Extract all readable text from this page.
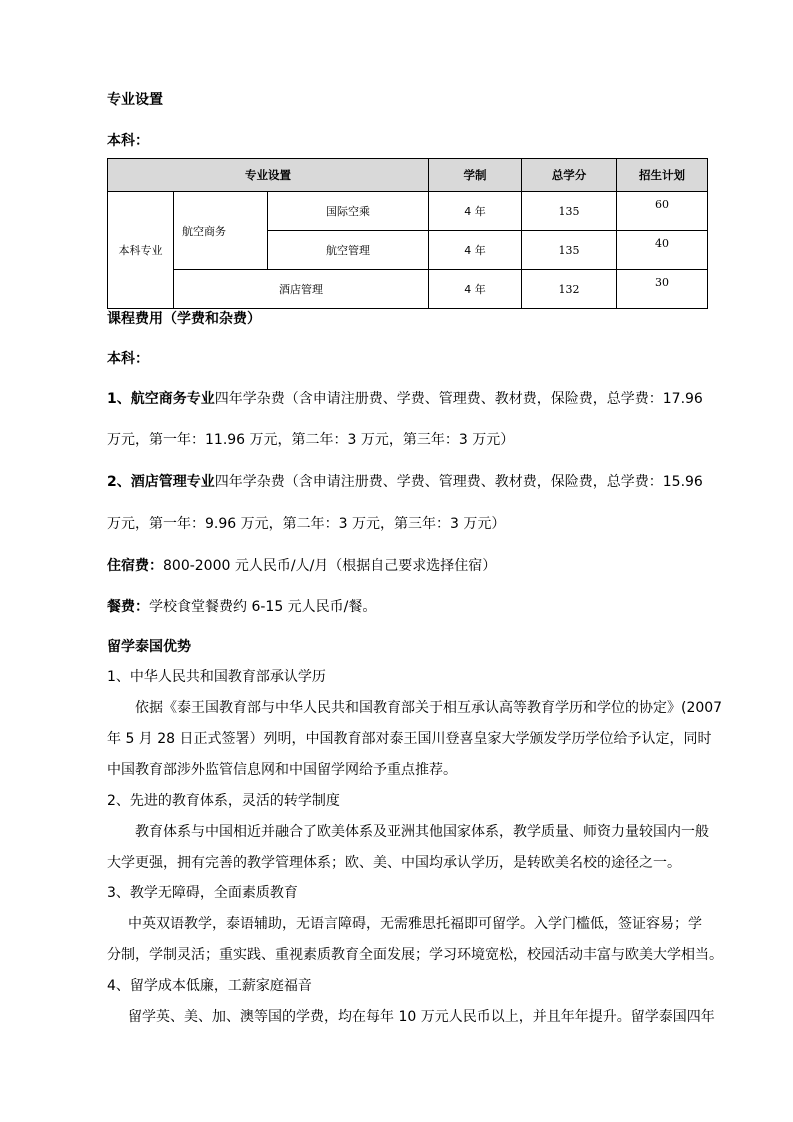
专业设置
本科：
专业设置			学制	总学分	招生计划
本科专业	航空商务	国际空乘	4 年	135	60
		航空管理	4 年	135	40
	酒店管理		4 年	132	30
课程费用（学费和杂费）
本科：
1、航空商务专业四年学杂费（含申请注册费、学费、管理费、教材费，保险费，总学费：17.96
万元，第一年：11.96 万元，第二年：3 万元，第三年：3 万元）
2、酒店管理专业四年学杂费（含申请注册费、学费、管理费、教材费，保险费，总学费：15.96
万元，第一年：9.96 万元，第二年：3 万元，第三年：3 万元）
住宿费：800-2000 元人民币/人/月（根据自己要求选择住宿）
餐费：学校食堂餐费约 6-15 元人民币/餐。
留学泰国优势
1、中华人民共和国教育部承认学历
依据《泰王国教育部与中华人民共和国教育部关于相互承认高等教育学历和学位的协定》(2007
年 5 月 28 日正式签署）列明，中国教育部对泰王国川登喜皇家大学颁发学历学位给予认定，同时
中国教育部涉外监管信息网和中国留学网给予重点推荐。
2、先进的教育体系，灵活的转学制度
教育体系与中国相近并融合了欧美体系及亚洲其他国家体系，教学质量、师资力量较国内一般
大学更强，拥有完善的教学管理体系；欧、美、中国均承认学历，是转欧美名校的途径之一。
3、教学无障碍，全面素质教育
中英双语教学，泰语辅助，无语言障碍，无需雅思托福即可留学。入学门槛低，签证容易；学
分制，学制灵活；重实践、重视素质教育全面发展；学习环境宽松，校园活动丰富与欧美大学相当。
4、留学成本低廉，工薪家庭福音
留学英、美、加、澳等国的学费，均在每年 10 万元人民币以上，并且年年提升。留学泰国四年
